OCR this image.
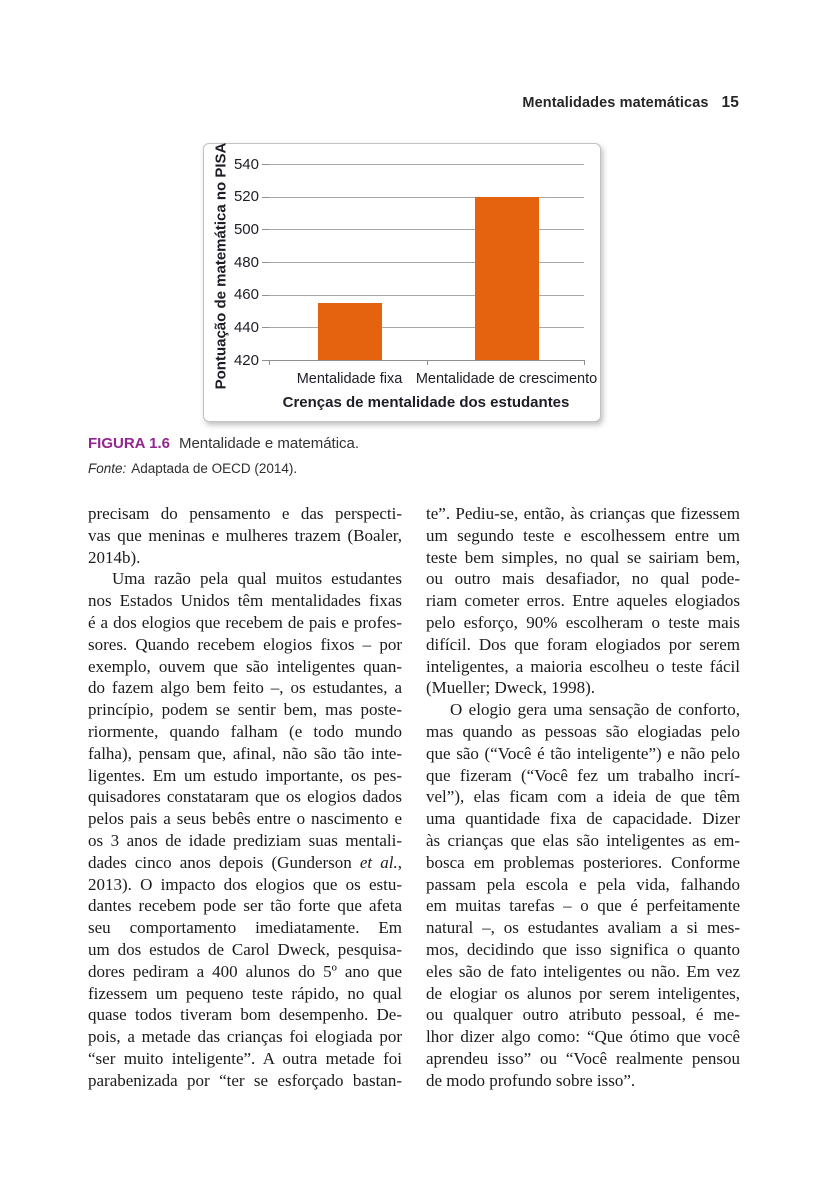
Mentalidades matemáticas 15
Pontuação de matemática no PISA 420
440
460
480
500
520
540
Mentalidade fixa Mentalidade de crescimento
Crenças de mentalidade dos estudantes
FIGURA 1.6 Mentalidade e matemática.
Fonte: Adaptada de OECD (2014).
precisam do pensamento e das perspecti-
vas que meninas e mulheres trazem (Boaler,
2014b).
Uma razão pela qual muitos estudantes
nos Estados Unidos têm mentalidades fixas
é a dos elogios que recebem de pais e profes-
sores. Quando recebem elogios fixos – por
exemplo, ouvem que são inteligentes quan-
do fazem algo bem feito –, os estudantes, a
princípio, podem se sentir bem, mas poste-
riormente, quando falham (e todo mundo
falha), pensam que, afinal, não são tão inte-
ligentes. Em um estudo importante, os pes-
quisadores constataram que os elogios dados
pelos pais a seus bebês entre o nascimento e
os 3 anos de idade prediziam suas mentali-
dades cinco anos depois (Gunderson et al.,
2013). O impacto dos elogios que os estu-
dantes recebem pode ser tão forte que afeta
seu comportamento imediatamente. Em
um dos estudos de Carol Dweck, pesquisa-
dores pediram a 400 alunos do 5º ano que
fizessem um pequeno teste rápido, no qual
quase todos tiveram bom desempenho. De-
pois, a metade das crianças foi elogiada por
“ser muito inteligente”. A outra metade foi
parabenizada por “ter se esforçado bastan-
te”. Pediu-se, então, às crianças que fizessem
um segundo teste e escolhessem entre um
teste bem simples, no qual se sairiam bem,
ou outro mais desafiador, no qual pode-
riam cometer erros. Entre aqueles elogiados
pelo esforço, 90% escolheram o teste mais
difícil. Dos que foram elogiados por serem
inteligentes, a maioria escolheu o teste fácil
(Mueller; Dweck, 1998).
O elogio gera uma sensação de conforto,
mas quando as pessoas são elogiadas pelo
que são (“Você é tão inteligente”) e não pelo
que fizeram (“Você fez um trabalho incrí-
vel”), elas ficam com a ideia de que têm
uma quantidade fixa de capacidade. Dizer
às crianças que elas são inteligentes as em-
bosca em problemas posteriores. Conforme
passam pela escola e pela vida, falhando
em muitas tarefas – o que é perfeitamente
natural –, os estudantes avaliam a si mes-
mos, decidindo que isso significa o quanto
eles são de fato inteligentes ou não. Em vez
de elogiar os alunos por serem inteligentes,
ou qualquer outro atributo pessoal, é me-
lhor dizer algo como: “Que ótimo que você
aprendeu isso” ou “Você realmente pensou
de modo profundo sobre isso”.
